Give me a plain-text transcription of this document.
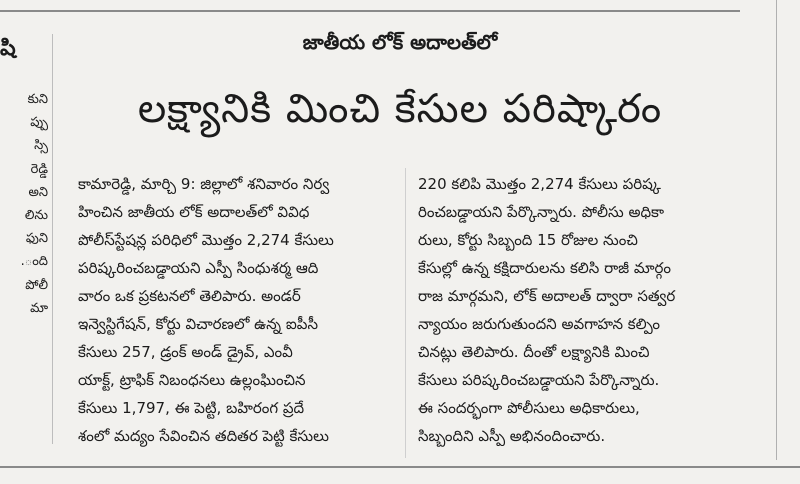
షి
కుని
ప్పు
స్సి
రెడ్డి
అని
లిను
ఫుని
ంది.
పోలీ
మా
జాతీయ లోక్ అదాలత్‌లో
లక్ష్యానికి మించి కేసుల పరిష్కారం
కామారెడ్డి, మార్చి 9: జిల్లాలో శనివారం నిర్వ
హించిన జాతీయ లోక్ అదాలత్‌లో వివిధ
పోలీస్‌స్టేషన్ల పరిధిలో మొత్తం 2,274 కేసులు
పరిష్కరించబడ్డాయని ఎస్పీ సింధుశర్మ ఆది
వారం ఒక ప్రకటనలో తెలిపారు. అండర్
ఇన్వెస్టిగేషన్, కోర్టు విచారణలో ఉన్న ఐపీసీ
కేసులు 257, డ్రంక్ అండ్ డ్రైవ్, ఎంవీ
యాక్ట్, ట్రాఫిక్ నిబంధనలు ఉల్లంఘించిన
కేసులు 1,797, ఈ పెట్టి, బహిరంగ ప్రదే
శంలో మద్యం సేవించిన తదితర పెట్టి కేసులు
220 కలిపి మొత్తం 2,274 కేసులు పరిష్క
రించబడ్డాయని పేర్కొన్నారు. పోలీసు అధికా
రులు, కోర్టు సిబ్బంది 15 రోజుల నుంచి
కేసుల్లో ఉన్న కక్షిదారులను కలిసి రాజీ మార్గం
రాజ మార్గమని, లోక్ అదాలత్ ద్వారా సత్వర
న్యాయం జరుగుతుందని అవగాహన కల్పిం
చినట్లు తెలిపారు. దీంతో లక్ష్యానికి మించి
కేసులు పరిష్కరించబడ్డాయని పేర్కొన్నారు.
ఈ సందర్భంగా పోలీసులు అధికారులు,
సిబ్బందిని ఎస్పీ అభినందించారు.
